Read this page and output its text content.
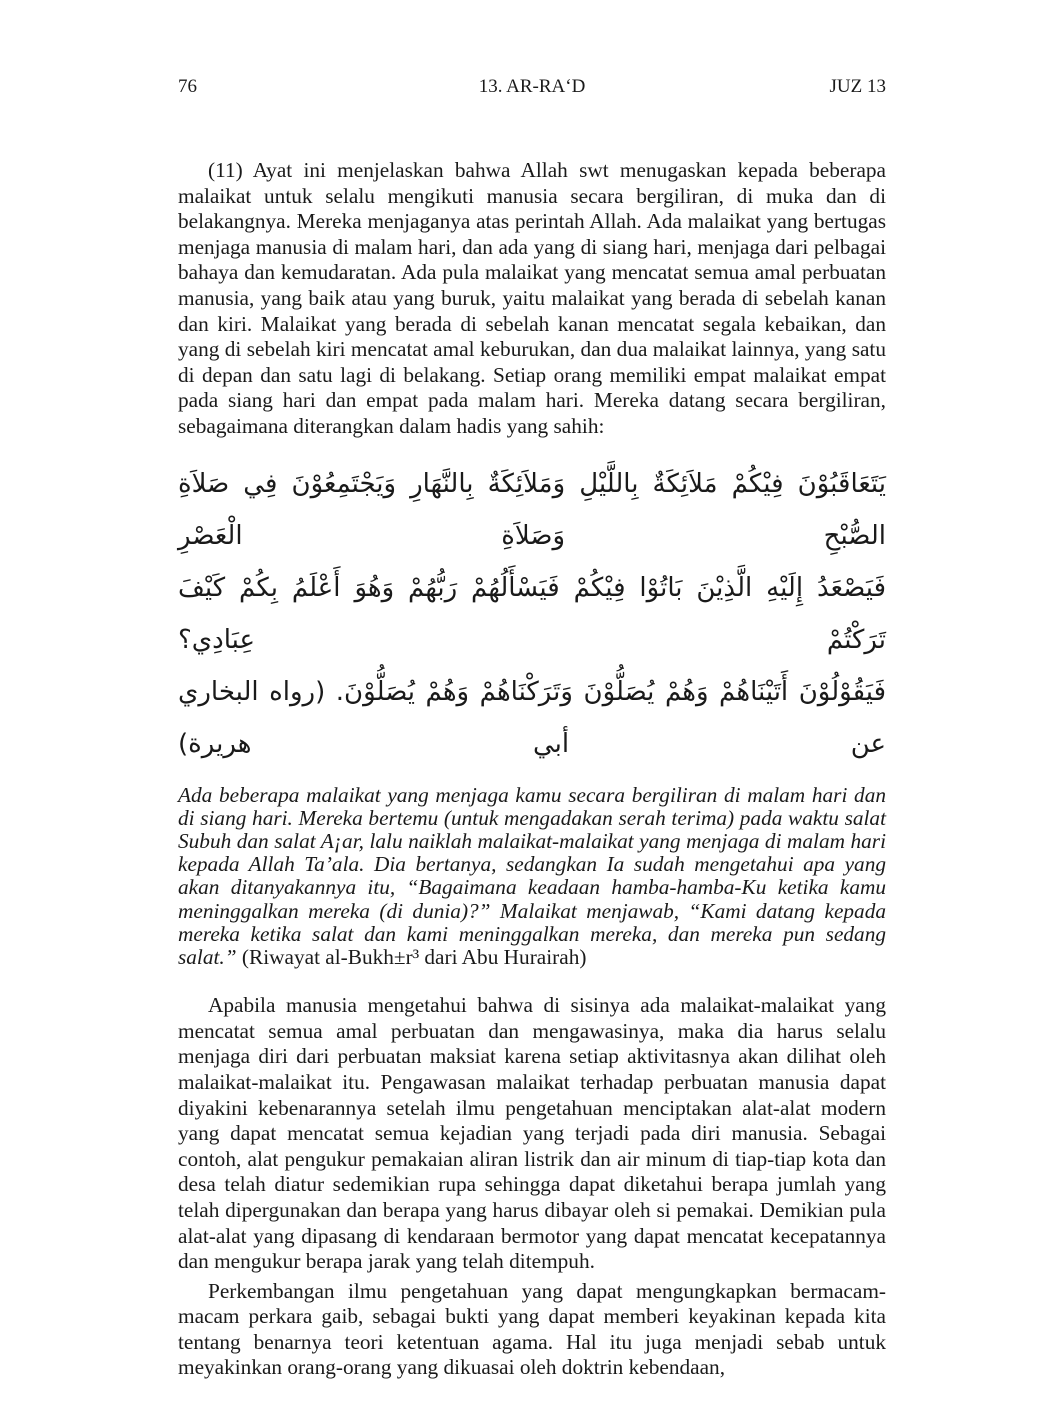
76	13. AR-RA‘D	JUZ 13

(11) Ayat ini menjelaskan bahwa Allah swt menugaskan kepada beberapa malaikat untuk selalu mengikuti manusia secara bergiliran, di muka dan di belakangnya. Mereka menjaganya atas perintah Allah. Ada malaikat yang bertugas menjaga manusia di malam hari, dan ada yang di siang hari, menjaga dari pelbagai bahaya dan kemudaratan. Ada pula malaikat yang mencatat semua amal perbuatan manusia, yang baik atau yang buruk, yaitu malaikat yang berada di sebelah kanan dan kiri. Malaikat yang berada di sebelah kanan mencatat segala kebaikan, dan yang di sebelah kiri mencatat amal keburukan, dan dua malaikat lainnya, yang satu di depan dan satu lagi di belakang. Setiap orang memiliki empat malaikat empat pada siang hari dan empat pada malam hari. Mereka datang secara bergiliran, sebagaimana diterangkan dalam hadis yang sahih:

يَتَعَاقَبُوْنَ فِيْكُمْ مَلاَئِكَةٌ بِاللَّيْلِ وَمَلاَئِكَةٌ بِالنَّهَارِ وَيَجْتَمِعُوْنَ فِي صَلاَةِ الصُّبْحِ وَصَلاَةِ الْعَصْرِ
فَيَصْعَدُ إِلَيْهِ الَّذِيْنَ بَاتُوْا فِيْكُمْ فَيَسْأَلُهُمْ رَبُّهُمْ وَهُوَ أَعْلَمُ بِكُمْ كَيْفَ تَرَكْتُمْ عِبَادِي؟
فَيَقُوْلُوْنَ أَتَيْنَاهُمْ وَهُمْ يُصَلُّوْنَ وَتَرَكْنَاهُمْ وَهُمْ يُصَلُّوْنَ. (رواه البخاري عن أبي هريرة)

Ada beberapa malaikat yang menjaga kamu secara bergiliran di malam hari dan di siang hari. Mereka bertemu (untuk mengadakan serah terima) pada waktu salat Subuh dan salat A¡ar, lalu naiklah malaikat-malaikat yang menjaga di malam hari kepada Allah Ta’ala. Dia bertanya, sedangkan Ia sudah mengetahui apa yang akan ditanyakannya itu, “Bagaimana keadaan hamba-hamba-Ku ketika kamu meninggalkan mereka (di dunia)?” Malaikat menjawab, “Kami datang kepada mereka ketika salat dan kami meninggalkan mereka, dan mereka pun sedang salat.” (Riwayat al-Bukh±r³ dari Abu Hurairah)

Apabila manusia mengetahui bahwa di sisinya ada malaikat-malaikat yang mencatat semua amal perbuatan dan mengawasinya, maka dia harus selalu menjaga diri dari perbuatan maksiat karena setiap aktivitasnya akan dilihat oleh malaikat-malaikat itu. Pengawasan malaikat terhadap perbuatan manusia dapat diyakini kebenarannya setelah ilmu pengetahuan menciptakan alat-alat modern yang dapat mencatat semua kejadian yang terjadi pada diri manusia. Sebagai contoh, alat pengukur pemakaian aliran listrik dan air minum di tiap-tiap kota dan desa telah diatur sedemikian rupa sehingga dapat diketahui berapa jumlah yang telah dipergunakan dan berapa yang harus dibayar oleh si pemakai. Demikian pula alat-alat yang dipasang di kendaraan bermotor yang dapat mencatat kecepatannya dan mengukur berapa jarak yang telah ditempuh.

Perkembangan ilmu pengetahuan yang dapat mengungkapkan bermacam-macam perkara gaib, sebagai bukti yang dapat memberi keyakinan kepada kita tentang benarnya teori ketentuan agama. Hal itu juga menjadi sebab untuk meyakinkan orang-orang yang dikuasai oleh doktrin kebendaan,
